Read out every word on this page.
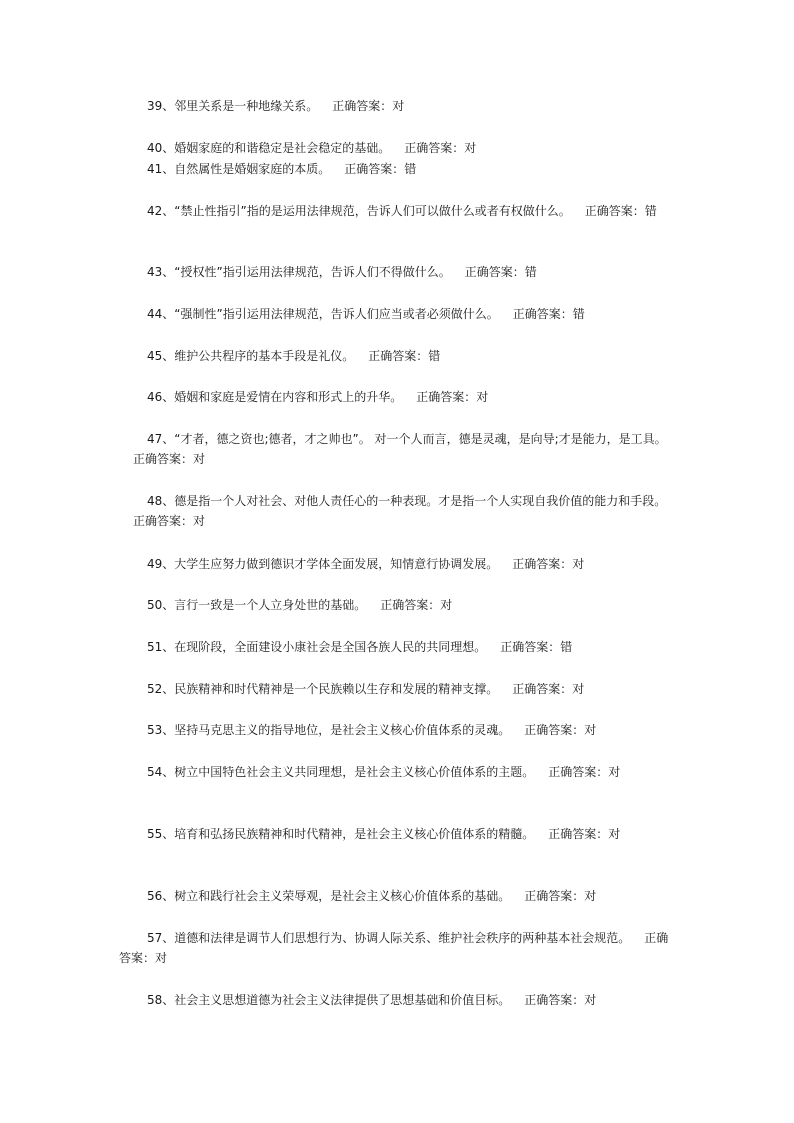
39、邻里关系是一种地缘关系。 正确答案：对

40、婚姻家庭的和谐稳定是社会稳定的基础。 正确答案：对

41、自然属性是婚姻家庭的本质。 正确答案：错

42、“禁止性指引”指的是运用法律规范，告诉人们可以做什么或者有权做什么。 正确答案：错

43、“授权性”指引运用法律规范，告诉人们不得做什么。 正确答案：错

44、“强制性”指引运用法律规范，告诉人们应当或者必须做什么。 正确答案：错

45、维护公共程序的基本手段是礼仪。 正确答案：错

46、婚姻和家庭是爱情在内容和形式上的升华。 正确答案：对

47、“才者，德之资也;德者，才之帅也”。 对一个人而言，德是灵魂，是向导;才是能力，是工具。正确答案：对

48、德是指一个人对社会、对他人责任心的一种表现。才是指一个人实现自我价值的能力和手段。正确答案：对

49、大学生应努力做到德识才学体全面发展，知情意行协调发展。 正确答案：对

50、言行一致是一个人立身处世的基础。 正确答案：对

51、在现阶段，全面建设小康社会是全国各族人民的共同理想。 正确答案：错

52、民族精神和时代精神是一个民族赖以生存和发展的精神支撑。 正确答案：对

53、坚持马克思主义的指导地位，是社会主义核心价值体系的灵魂。 正确答案：对

54、树立中国特色社会主义共同理想，是社会主义核心价值体系的主题。 正确答案：对

55、培育和弘扬民族精神和时代精神，是社会主义核心价值体系的精髓。 正确答案：对

56、树立和践行社会主义荣辱观，是社会主义核心价值体系的基础。 正确答案：对

57、道德和法律是调节人们思想行为、协调人际关系、维护社会秩序的两种基本社会规范。 正确答案：对

58、社会主义思想道德为社会主义法律提供了思想基础和价值目标。 正确答案：对
